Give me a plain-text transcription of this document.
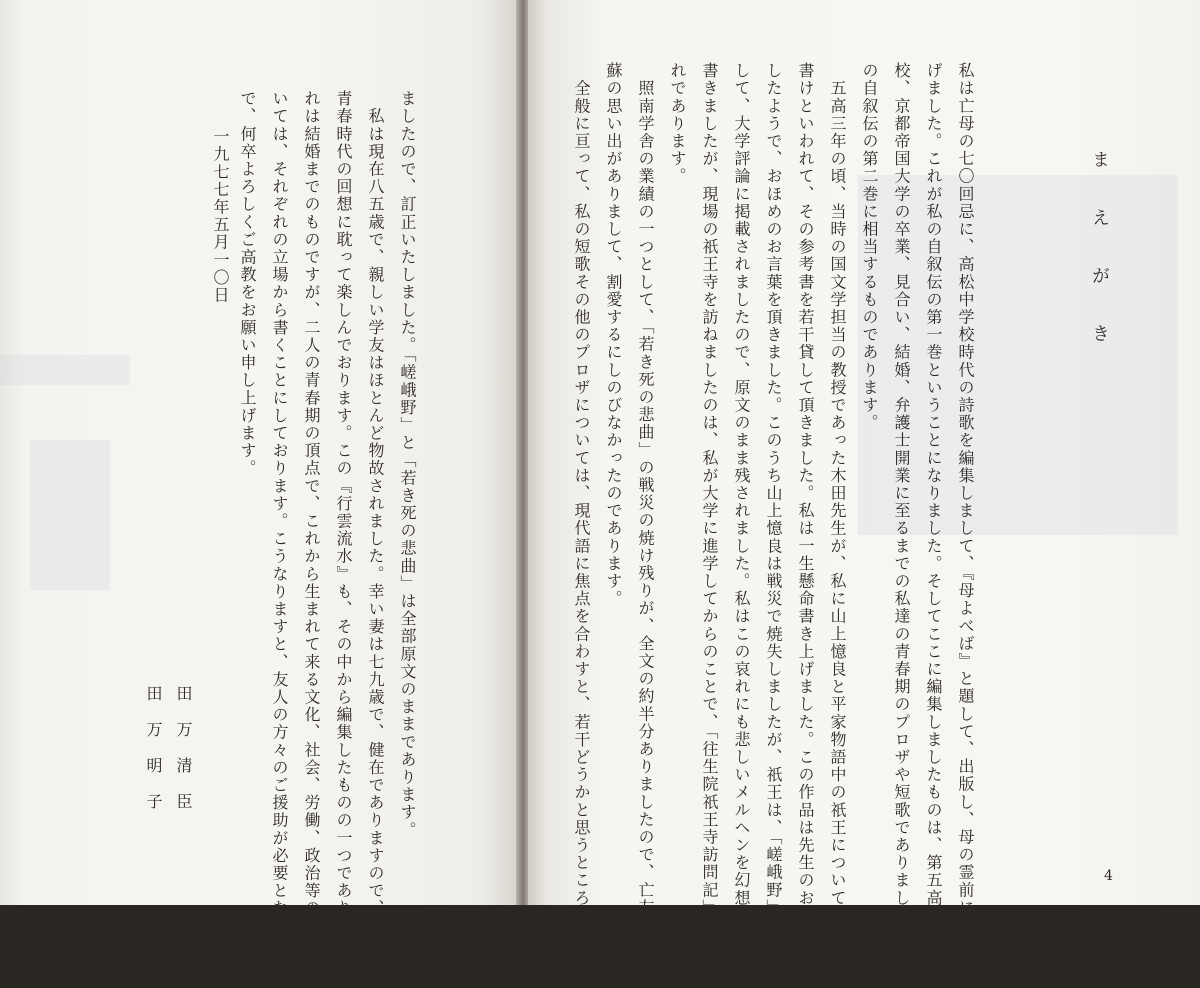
まえがき
私は亡母の七〇回忌に、高松中学校時代の詩歌を編集しまして、『母よべば』と題して、出版し、母の霊前に捧
げました。これが私の自叙伝の第一巻ということになりました。そしてここに編集しましたものは、第五高等学
校、京都帝国大学の卒業、見合い、結婚、弁護士開業に至るまでの私達の青春期のプロザや短歌でありまして、私
の自叙伝の第二巻に相当するものであります。
　五高三年の頃、当時の国文学担当の教授であった木田先生が、私に山上憶良と平家物語中の祇王について、何か
書けといわれて、その参考書を若干貸して頂きました。私は一生懸命書き上げました。この作品は先生のお気に召
したようで、おほめのお言葉を頂きました。このうち山上憶良は戦災で焼失しましたが、祇王は、「嵯峨野」と題
して、大学評論に掲載されましたので、原文のまま残されました。私はこの哀れにも悲しいメルヘンを幻想の中で
書きましたが、現場の祇王寺を訪ねましたのは、私が大学に進学してからのことで、「往生院祇王寺訪問記」がそ
れであります。
　照南学舎の業績の一つとして、「若き死の悲曲」の戦災の焼け残りが、全文の約半分ありましたので、亡友と阿
蘇の思い出がありまして、割愛するにしのびなかったのであります。
　全般に亘って、私の短歌その他のプロザについては、現代語に焦点を合わすと、若干どうかと思うところがあり	4
ましたので、訂正いたしました。「嵯峨野」と「若き死の悲曲」は全部原文のままであります。
　私は現在八五歳で、親しい学友はほとんど物故されました。幸い妻は七九歳で、健在でありますので、二人で、
青春時代の回想に耽って楽しんでおります。この『行雲流水』も、その中から編集したものの一つであります。こ
れは結婚までのものですが、二人の青春期の頂点で、これから生まれて来る文化、社会、労働、政治等の活動につ
いては、それぞれの立場から書くことにしております。こうなりますと、友人の方々のご援助が必要となりますの
で、何卒よろしくご高教をお願い申し上げます。
一九七七年五月一〇日
田万清臣
田万明子
